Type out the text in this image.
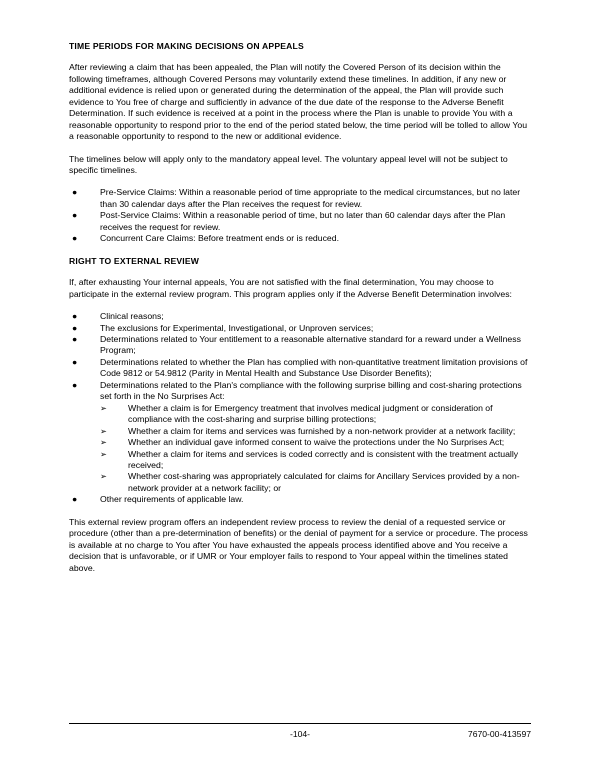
TIME PERIODS FOR MAKING DECISIONS ON APPEALS

After reviewing a claim that has been appealed, the Plan will notify the Covered Person of its decision within the following timeframes, although Covered Persons may voluntarily extend these timelines. In addition, if any new or additional evidence is relied upon or generated during the determination of the appeal, the Plan will provide such evidence to You free of charge and sufficiently in advance of the due date of the response to the Adverse Benefit Determination. If such evidence is received at a point in the process where the Plan is unable to provide You with a reasonable opportunity to respond prior to the end of the period stated below, the time period will be tolled to allow You a reasonable opportunity to respond to the new or additional evidence.

The timelines below will apply only to the mandatory appeal level. The voluntary appeal level will not be subject to specific timelines.

●	Pre-Service Claims: Within a reasonable period of time appropriate to the medical circumstances, but no later than 30 calendar days after the Plan receives the request for review.
●	Post-Service Claims: Within a reasonable period of time, but no later than 60 calendar days after the Plan receives the request for review.
●	Concurrent Care Claims: Before treatment ends or is reduced.
RIGHT TO EXTERNAL REVIEW

If, after exhausting Your internal appeals, You are not satisfied with the final determination, You may choose to participate in the external review program. This program applies only if the Adverse Benefit Determination involves:

●	Clinical reasons;
●	The exclusions for Experimental, Investigational, or Unproven services;
●	Determinations related to Your entitlement to a reasonable alternative standard for a reward under a Wellness Program;
●	Determinations related to whether the Plan has complied with non-quantitative treatment limitation provisions of Code 9812 or 54.9812 (Parity in Mental Health and Substance Use Disorder Benefits);
●	Determinations related to the Plan's compliance with the following surprise billing and cost-sharing protections set forth in the No Surprises Act:
➢ Whether a claim is for Emergency treatment that involves medical judgment or consideration of compliance with the cost-sharing and surprise billing protections;
➢ Whether a claim for items and services was furnished by a non-network provider at a network facility;
➢ Whether an individual gave informed consent to waive the protections under the No Surprises Act;
➢ Whether a claim for items and services is coded correctly and is consistent with the treatment actually received;
➢ Whether cost-sharing was appropriately calculated for claims for Ancillary Services provided by a non-network provider at a network facility; or
●	Other requirements of applicable law.

This external review program offers an independent review process to review the denial of a requested service or procedure (other than a pre-determination of benefits) or the denial of payment for a service or procedure. The process is available at no charge to You after You have exhausted the appeals process identified above and You receive a decision that is unfavorable, or if UMR or Your employer fails to respond to Your appeal within the timelines stated above.

-104-	7670-00-413597
